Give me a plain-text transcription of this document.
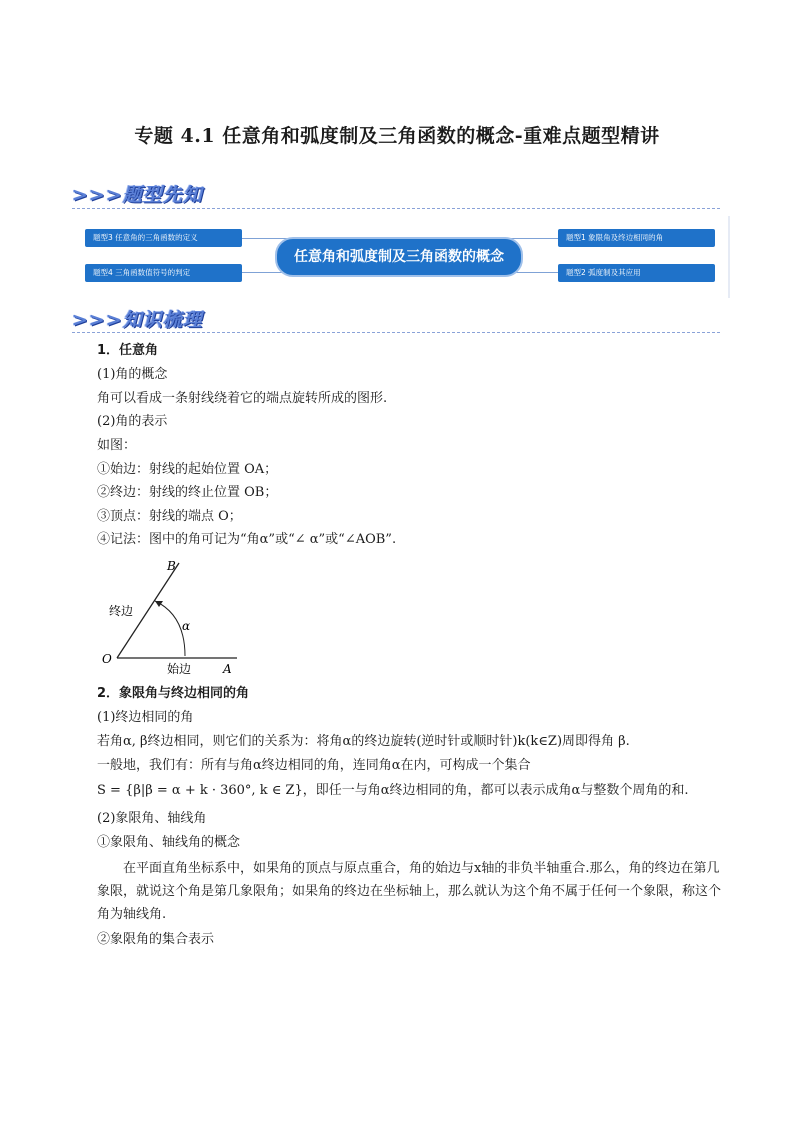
专题 4.1 任意角和弧度制及三角函数的概念-重难点题型精讲
>>>题型先知
题型3 任意角的三角函数的定义
题型4 三角函数值符号的判定
任意角和弧度制及三角函数的概念
题型1 象限角及终边相同的角
题型2 弧度制及其应用
>>>知识梳理
1．任意角
(1)角的概念
角可以看成一条射线绕着它的端点旋转所成的图形.
(2)角的表示
如图：
①始边：射线的起始位置 OA；
②终边：射线的终止位置 OB；
③顶点：射线的端点 O；
④记法：图中的角可记为“角α”或“∠ α”或“∠AOB”.
B
O
A
α
终边
始边
2．象限角与终边相同的角
(1)终边相同的角
若角α, β终边相同，则它们的关系为：将角α的终边旋转(逆时针或顺时针)k(k∈Z)周即得角 β.
一般地，我们有：所有与角α终边相同的角，连同角α在内，可构成一个集合
S = {β|β = α + k · 360°, k ∈ Z}，即任一与角α终边相同的角，都可以表示成角α与整数个周角的和.
(2)象限角、轴线角
①象限角、轴线角的概念
在平面直角坐标系中，如果角的顶点与原点重合，角的始边与x轴的非负半轴重合.那么，角的终边在第几象限，就说这个角是第几象限角；如果角的终边在坐标轴上，那么就认为这个角不属于任何一个象限，称这个角为轴线角.
②象限角的集合表示
